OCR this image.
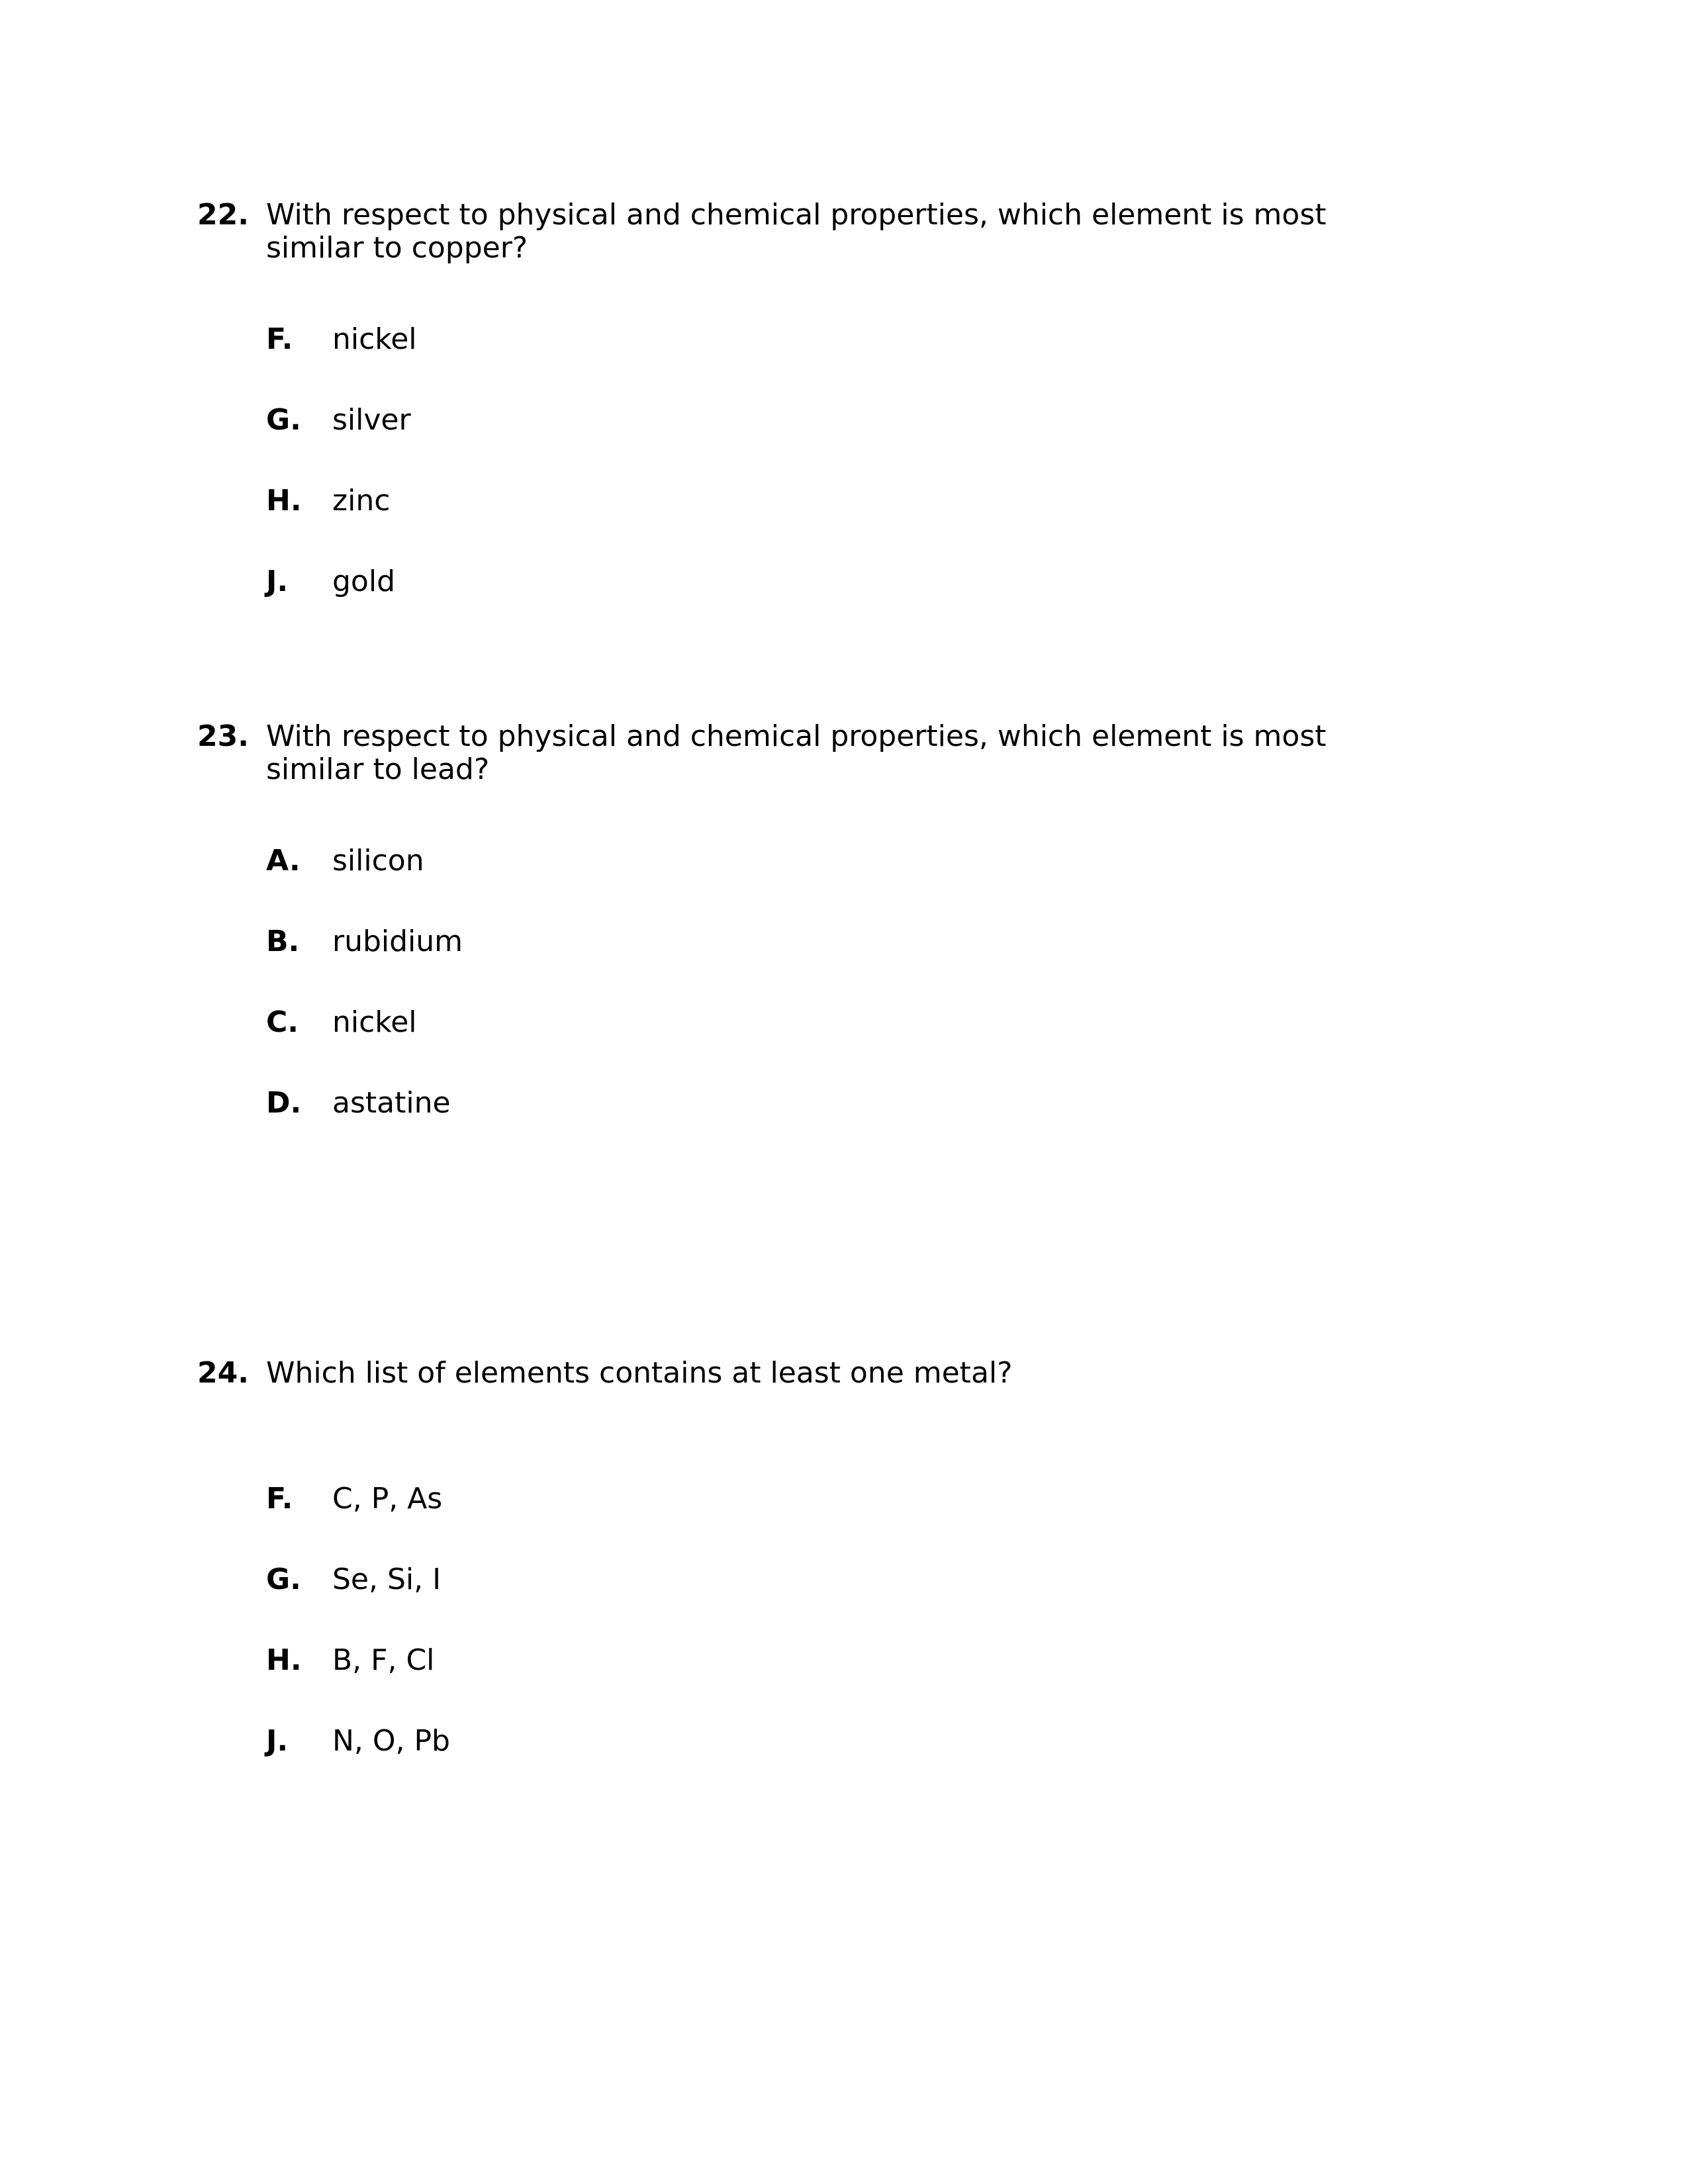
22. With respect to physical and chemical properties, which element is most similar to copper?
F. nickel
G. silver
H. zinc
J. gold
23. With respect to physical and chemical properties, which element is most similar to lead?
A. silicon
B. rubidium
C. nickel
D. astatine
24. Which list of elements contains at least one metal?
F. C, P, As
G. Se, Si, I
H. B, F, Cl
J. N, O, Pb
